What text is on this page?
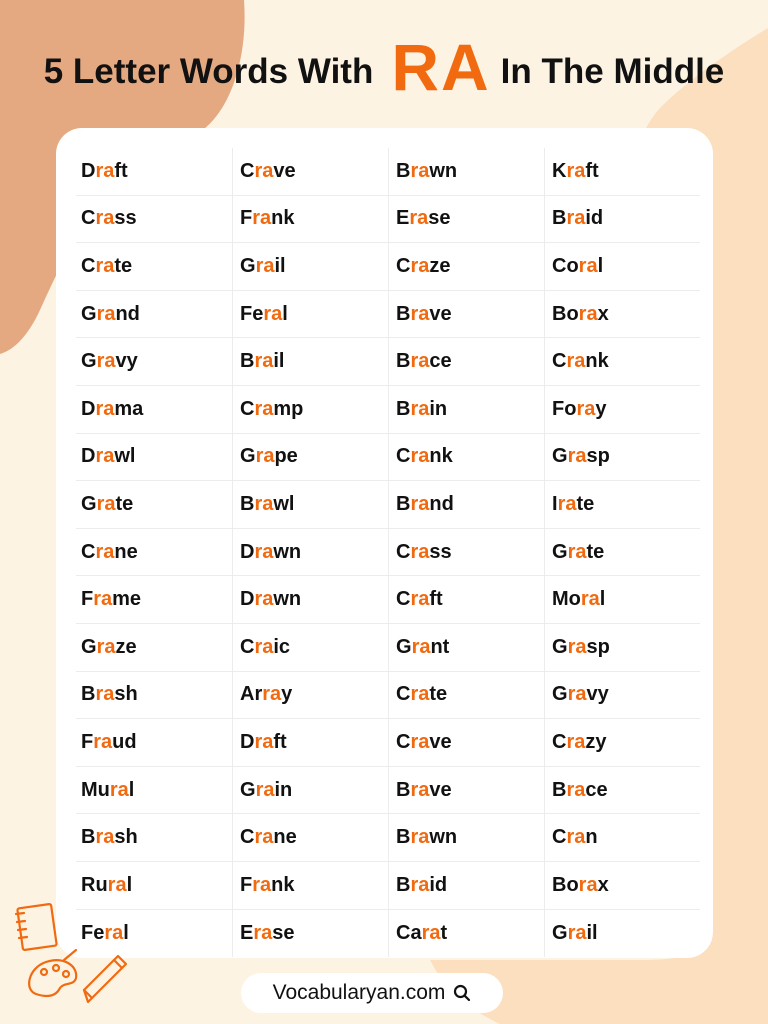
5 Letter Words With RA In The Middle
D ra ft	C ra ve	B ra wn	K ra ft
C ra ss	F ra nk	E ra se	B ra id
C ra te	G ra il	C ra ze	Co ra l
G ra nd	Fe ra l	B ra ve	Bo ra x
G ra vy	B ra il	B ra ce	C ra nk
D ra ma	C ra mp	B ra in	Fo ra y
D ra wl	G ra pe	C ra nk	G ra sp
G ra te	B ra wl	B ra nd	I ra te
C ra ne	D ra wn	C ra ss	G ra te
F ra me	D ra wn	C ra ft	Mo ra l
G ra ze	C ra ic	G ra nt	G ra sp
B ra sh	Ar ra y	C ra te	G ra vy
F ra ud	D ra ft	C ra ve	C ra zy
Mu ra l	G ra in	B ra ve	B ra ce
B ra sh	C ra ne	B ra wn	C ra n
Ru ra l	F ra nk	B ra id	Bo ra x
Fe ra l	E ra se	Ca ra t	G ra il
Vocabularyan.com
